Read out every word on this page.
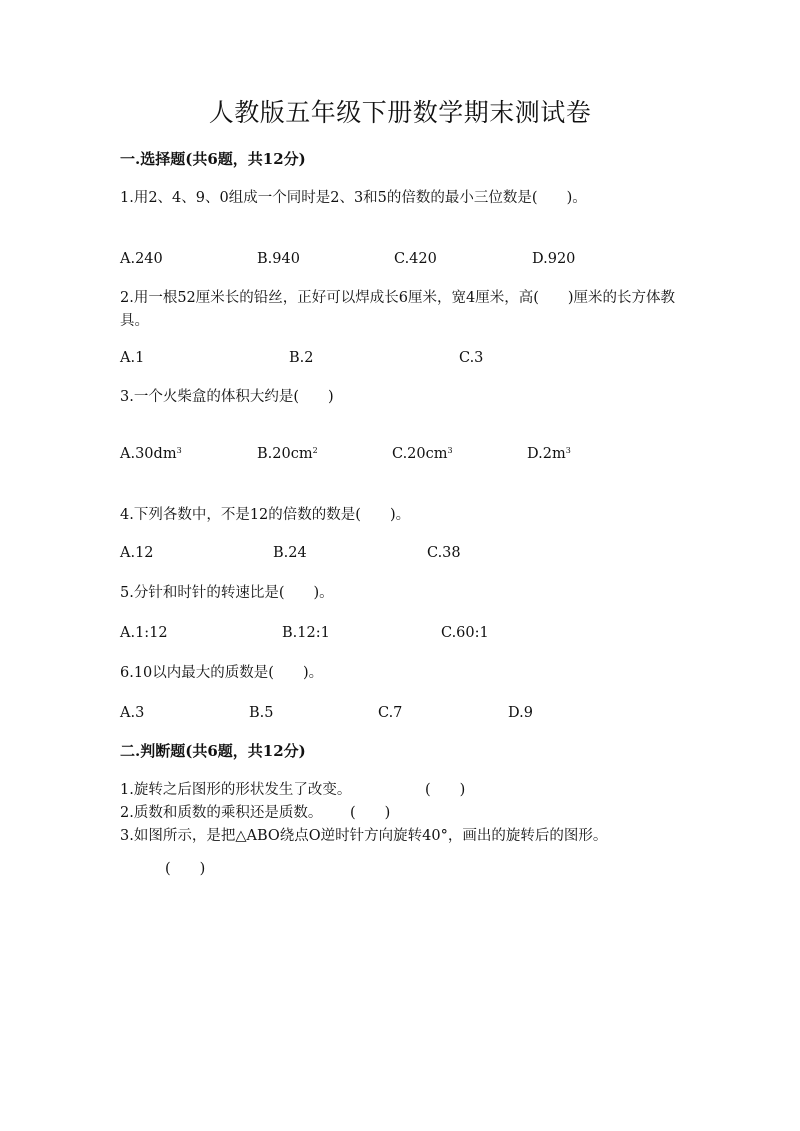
人教版五年级下册数学期末测试卷
一.选择题(共6题，共12分)
1.用2、4、9、0组成一个同时是2、3和5的倍数的最小三位数是(　　)。
A.240	B.940	C.420	D.920
2.用一根52厘米长的铅丝，正好可以焊成长6厘米，宽4厘米，高(　　)厘米的长方体教具。
A.1	B.2	C.3
3.一个火柴盒的体积大约是(　　)
$A.30dm^3$	$B.20cm^2$	$C.20cm^3$	$D.2m^3$
4.下列各数中，不是12的倍数的数是(　　)。
A.12	B.24	C.38
5.分针和时针的转速比是(　　)。
A.1:12	B.12:1	C.60:1
6.10以内最大的质数是(　　)。
A.3	B.5	C.7	D.9
二.判断题(共6题，共12分)
1.旋转之后图形的形状发生了改变。	(　　)
2.质数和质数的乘积还是质数。 (　　)
3.如图所示，是把△ABO绕点O逆时针方向旋转40°，画出的旋转后的图形。
(　　)
